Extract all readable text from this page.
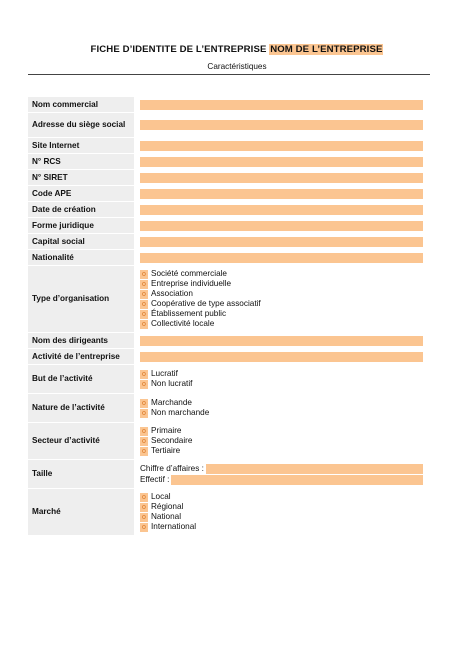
FICHE D’IDENTITE DE L’ENTREPRISE NOM DE L’ENTREPRISE
Caractéristiques
Nom commercial
Adresse du siège social
Site Internet
N° RCS
N° SIRET
Code APE
Date de création
Forme juridique
Capital social
Nationalité
Type d’organisation
o Société commerciale
o Entreprise individuelle
o Association
o Coopérative de type associatif
o Établissement public
o Collectivité locale
Nom des dirigeants
Activité de l’entreprise
But de l’activité	o Lucratif
o Non lucratif
Nature de l’activité	o Marchande
o Non marchande
Secteur d’activité
o Primaire
o Secondaire
o Tertiaire
Taille
Chiffre d’affaires :
Effectif :
Marché
o Local
o Régional
o National
o International
